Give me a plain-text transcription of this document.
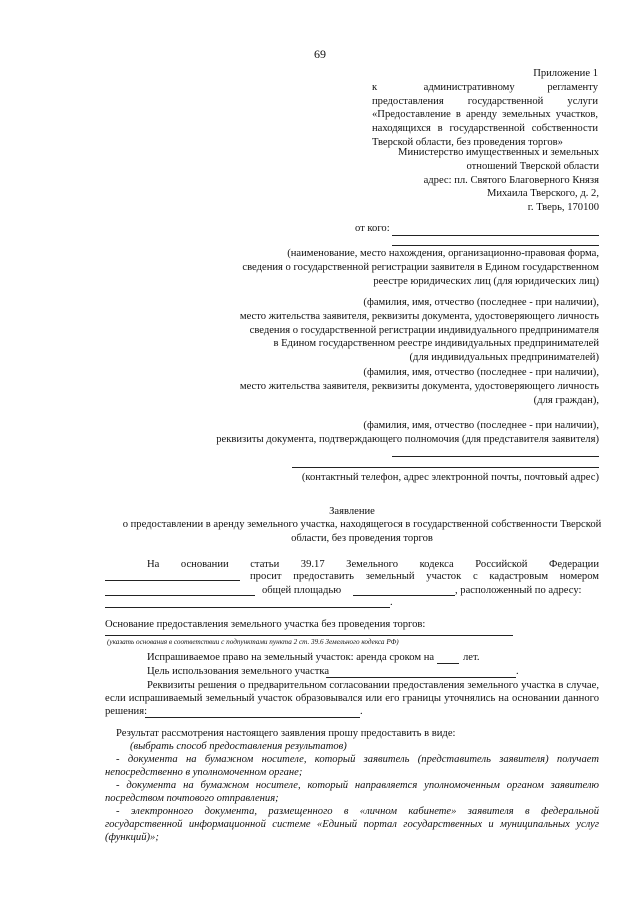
69
Приложение 1
к	административному регламенту
предоставления государственной услуги
«Предоставление в аренду земельных участков,
находящихся в государственной собственности
Тверской области, без проведения торгов»
Министерство имущественных и земельных
отношений Тверской области
адрес: пл. Святого Благоверного Князя
Михаила Тверского, д. 2,
г. Тверь, 170100
от кого:
(наименование, место нахождения, организационно-правовая форма,
сведения о государственной регистрации заявителя в Едином государственном
реестре юридических лиц (для юридических лиц)
(фамилия, имя, отчество (последнее - при наличии),
место жительства заявителя, реквизиты документа, удостоверяющего личность
сведения о государственной регистрации индивидуального предпринимателя
в Едином государственном реестре индивидуальных предпринимателей
(для индивидуальных предпринимателей)
(фамилия, имя, отчество (последнее - при наличии),
место жительства заявителя, реквизиты документа, удостоверяющего личность
(для граждан),
(фамилия, имя, отчество (последнее - при наличии),
реквизиты документа, подтверждающего полномочия (для представителя заявителя)
(контактный телефон, адрес электронной почты, почтовый адрес)
Заявление
о предоставлении в аренду земельного участка, находящегося в государственной собственности Тверской
области, без проведения торгов
На основании статьи 39.17 Земельного кодекса Российской Федерации
просит предоставить земельный участок с кадастровым номером
общей площадью	, расположенный по адресу:
.
Основание предоставления земельного участка без проведения торгов:
(указать основания в соответствии с подпунктами пункта 2 ст. 39.6 Земельного кодекса РФ)
Испрашиваемое право на земельный участок: аренда сроком на	лет.
Цель использования земельного участка	.
Реквизиты решения о предварительном согласовании предоставления земельного участка в случае,
если испрашиваемый земельный участок образовывался или его границы уточнялись на основании данного
решения:	.
Результат рассмотрения настоящего заявления прошу предоставить в виде:
(выбрать способ предоставления результатов)
- документа на бумажном носителе, который заявитель (представитель заявителя) получает
непосредственно в уполномоченном органе;
- документа на бумажном носителе, который направляется уполномоченным органом заявителю
посредством почтового отправления;
- электронного документа, размещенного в «личном кабинете» заявителя в федеральной
государственной информационной системе «Единый портал государственных и муниципальных услуг
(функций)»;
